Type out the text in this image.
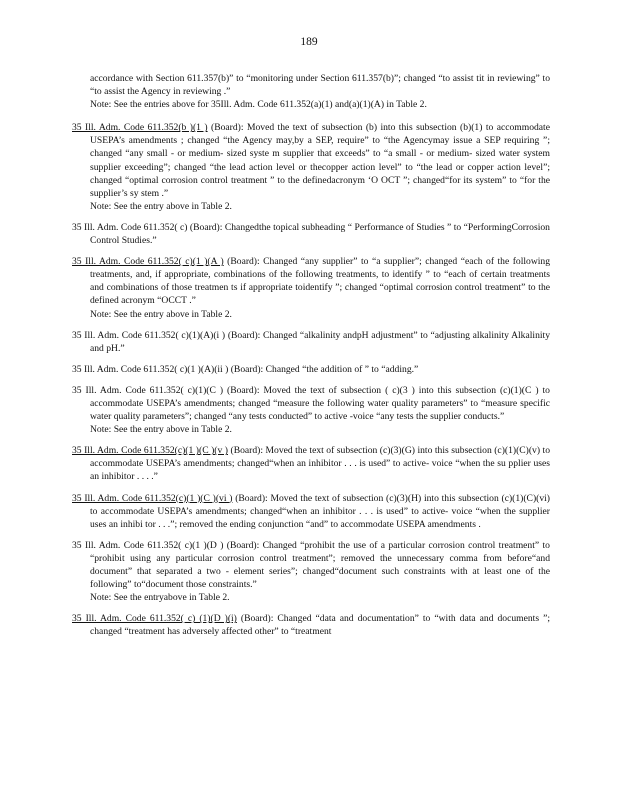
189

accordance with Section 611.357(b)” to “monitoring under Section 611.357(b)”; changed “to assist tit in reviewing” to “to assist the Agency in reviewing .”

Note: See the entries above for 35Ill. Adm. Code 611.352(a)(1) and(a)(1)(A) in Table 2.

35 Ill. Adm. Code 611.352(b )(1 ) (Board): Moved the text of subsection (b) into this subsection (b)(1) to accommodate USEPA’s amendments ; changed “the Agency may,by a SEP, require” to “the Agencymay issue a SEP requiring ”; changed “any small - or medium- sized syste m supplier that exceeds” to “a small - or medium- sized water system supplier exceeding”; changed “the lead action level or thecopper action level” to “the lead or copper action level”; changed “optimal corrosion control treatment ” to the definedacronym ‘O OCT ”; changed“for its system” to “for the supplier’s sy stem .”

Note: See the entry above in Table 2.

35 Ill. Adm. Code 611.352( c) (Board): Changedthe topical subheading “ Performance of Studies ” to “PerformingCorrosion Control Studies.”

35 Ill. Adm. Code 611.352( c)(1 )(A ) (Board): Changed “any supplier” to “a supplier”; changed “each of the following treatments, and, if appropriate, combinations of the following treatments, to identify ” to “each of certain treatments and combinations of those treatmen ts if appropriate toidentify ”; changed “optimal corrosion control treatment” to the defined acronym “OCCT .”

Note: See the entry above in Table 2.

35 Ill. Adm. Code 611.352( c)(1)(A)(i ) (Board): Changed “alkalinity andpH adjustment” to “adjusting alkalinity Alkalinity and pH.”

35 Ill. Adm. Code 611.352( c)(1 )(A)(ii ) (Board): Changed “the addition of ” to “adding.”

35 Ill. Adm. Code 611.352( c)(1)(C ) (Board): Moved the text of subsection ( c)(3 ) into this subsection (c)(1)(C ) to accommodate USEPA’s amendments; changed “measure the following water quality parameters” to “measure specific water quality parameters”; changed “any tests conducted” to active -voice “any tests the supplier conducts.”

Note: See the entry above in Table 2.

35 Ill. Adm. Code 611.352(c)(1 )(C )(v ) (Board): Moved the text of subsection (c)(3)(G) into this subsection (c)(1)(C)(v) to accommodate USEPA’s amendments; changed“when an inhibitor . . . is used” to active- voice “when the su pplier uses an inhibitor . . . .”

35 Ill. Adm. Code 611.352(c)(1 )(C )(vi ) (Board): Moved the text of subsection (c)(3)(H) into this subsection (c)(1)(C)(vi) to accommodate USEPA’s amendments; changed“when an inhibitor . . . is used” to active- voice “when the supplier uses an inhibi tor . . .”; removed the ending conjunction “and” to accommodate USEPA amendments .

35 Ill. Adm. Code 611.352( c)(1 )(D ) (Board): Changed “prohibit the use of a particular corrosion control treatment” to “prohibit using any particular corrosion control treatment”; removed the unnecessary comma from before“and document” that separated a two - element series”; changed“document such constraints with at least one of the following” to“document those constraints.”

Note: See the entryabove in Table 2.

35 Ill. Adm. Code 611.352( c) (1)(D )(i) (Board): Changed “data and documentation” to “with data and documents ”; changed “treatment has adversely affected other” to “treatment
